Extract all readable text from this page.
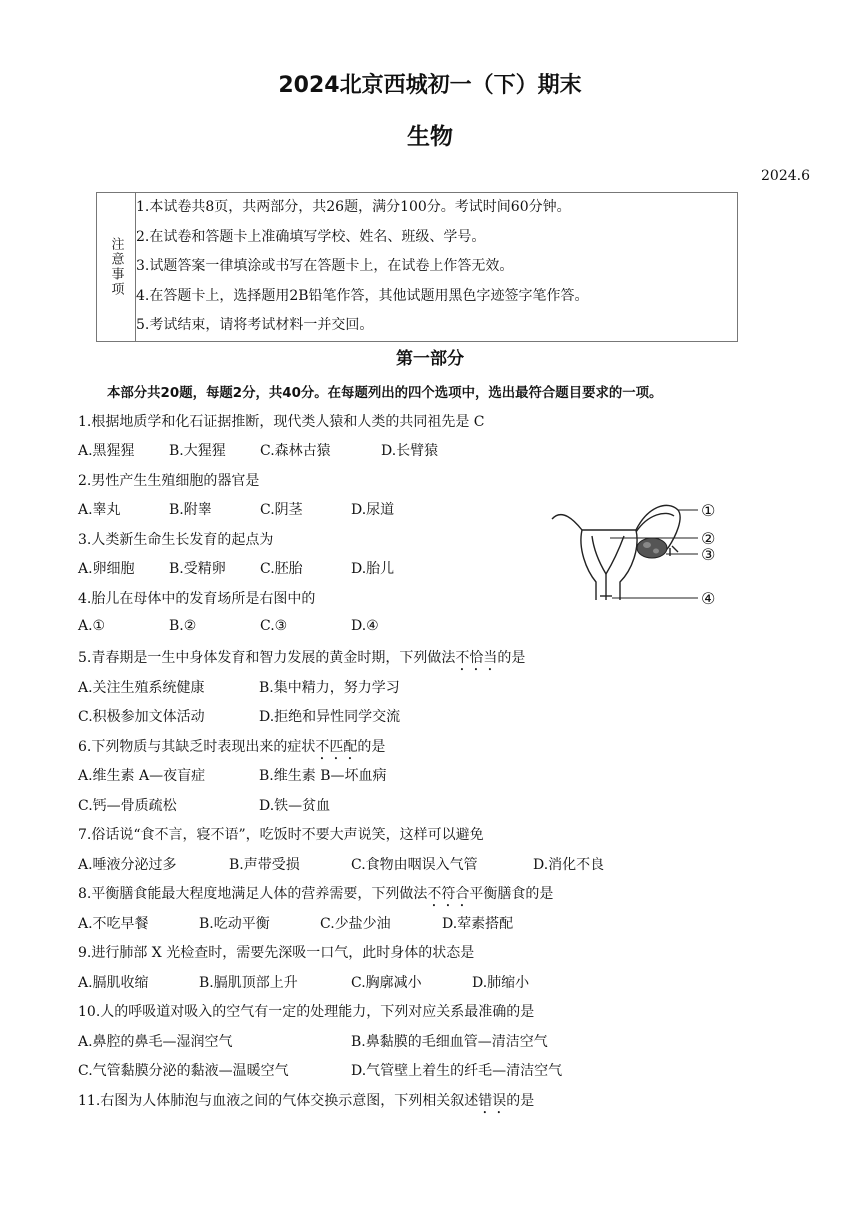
2024北京西城初一（下）期末
生物
2024.6
注意事项
1.本试卷共8页，共两部分，共26题，满分100分。考试时间60分钟。
2.在试卷和答题卡上准确填写学校、姓名、班级、学号。
3.试题答案一律填涂或书写在答题卡上，在试卷上作答无效。
4.在答题卡上，选择题用2B铅笔作答，其他试题用黑色字迹签字笔作答。
5.考试结束，请将考试材料一并交回。
第一部分
本部分共20题，每题2分，共40分。在每题列出的四个选项中，选出最符合题目要求的一项。
1.根据地质学和化石证据推断，现代类人猿和人类的共同祖先是 C
A.黑猩猩 B.大猩猩 C.森林古猿	D.长臂猿
2.男性产生生殖细胞的器官是
A.睾丸	B.附睾	C.阴茎	D.尿道
3.人类新生命生长发育的起点为
A.卵细胞 B.受精卵 C.胚胎	D.胎儿
4.胎儿在母体中的发育场所是右图中的
A.①	B.②	C.③	D.④
5.青春期是一生中身体发育和智力发展的黄金时期，下列做法不恰当的是
A.关注生殖系统健康	B.集中精力，努力学习
C.积极参加文体活动	D.拒绝和异性同学交流
6.下列物质与其缺乏时表现出来的症状不匹配的是
A.维生素 A—夜盲症	B.维生素 B—坏血病
C.钙—骨质疏松	D.铁—贫血
7.俗话说“食不言，寝不语”，吃饭时不要大声说笑，这样可以避免
A.唾液分泌过多	B.声带受损	C.食物由咽误入气管	D.消化不良
8.平衡膳食能最大程度地满足人体的营养需要，下列做法不符合平衡膳食的是
A.不吃早餐	B.吃动平衡	C.少盐少油	D.荤素搭配
9.进行肺部 X 光检查时，需要先深吸一口气，此时身体的状态是
A.膈肌收缩	B.膈肌顶部上升	C.胸廓减小	D.肺缩小
10.人的呼吸道对吸入的空气有一定的处理能力，下列对应关系最准确的是
A.鼻腔的鼻毛—湿润空气	B.鼻黏膜的毛细血管—清洁空气
C.气管黏膜分泌的黏液—温暖空气	D.气管壁上着生的纤毛—清洁空气
11.右图为人体肺泡与血液之间的气体交换示意图，下列相关叙述错误的是
①
②
③
④
